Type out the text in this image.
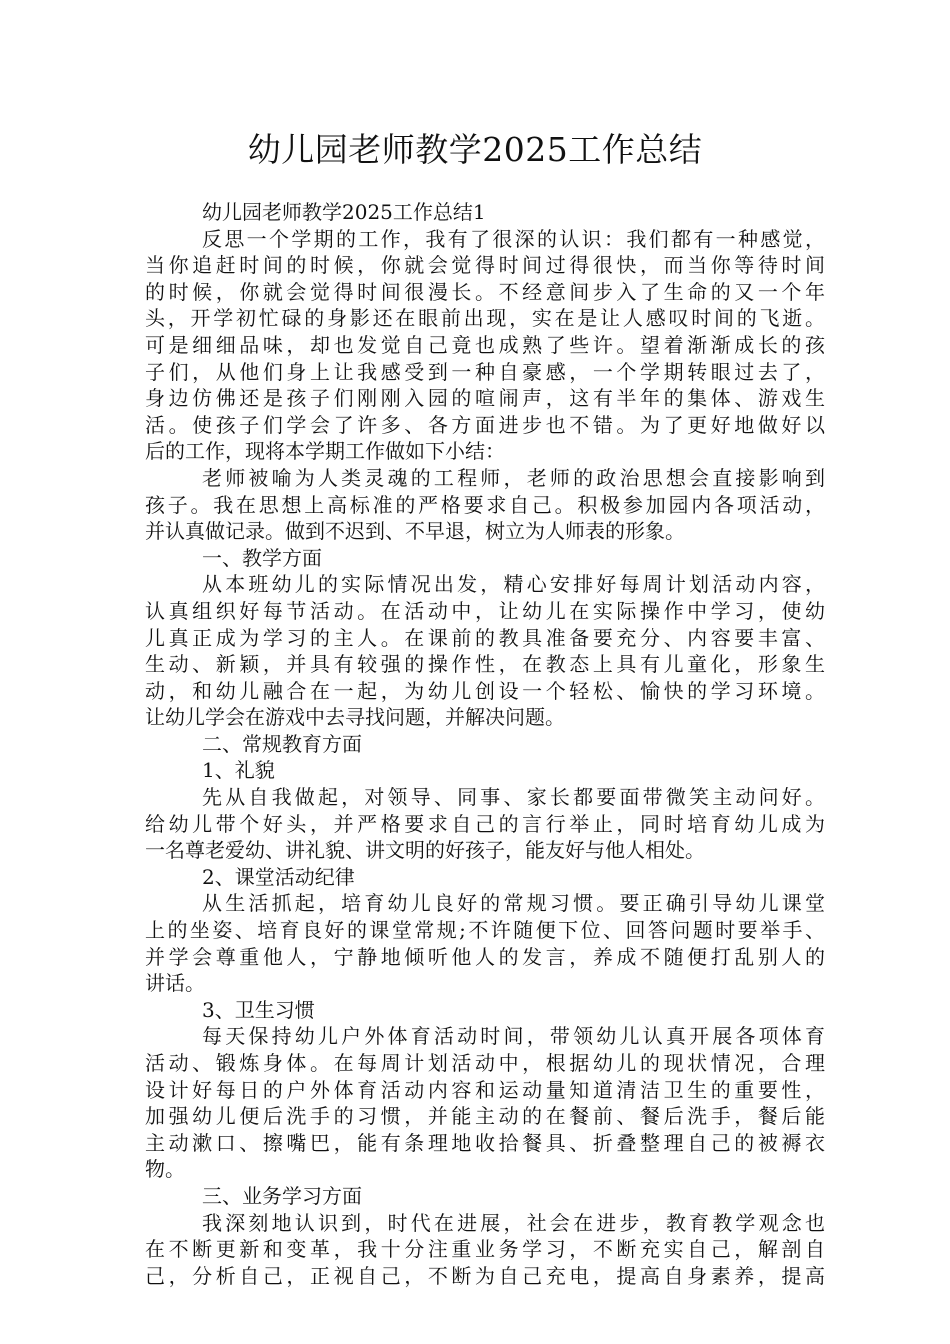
幼儿园老师教学2025工作总结
幼儿园老师教学2025工作总结1
反思一个学期的工作，我有了很深的认识：我们都有一种感觉，
当你追赶时间的时候，你就会觉得时间过得很快，而当你等待时间
的时候，你就会觉得时间很漫长。不经意间步入了生命的又一个年
头，开学初忙碌的身影还在眼前出现，实在是让人感叹时间的飞逝。
可是细细品味，却也发觉自己竟也成熟了些许。望着渐渐成长的孩
子们，从他们身上让我感受到一种自豪感，一个学期转眼过去了，
身边仿佛还是孩子们刚刚入园的喧闹声，这有半年的集体、游戏生
活。使孩子们学会了许多、各方面进步也不错。为了更好地做好以
后的工作，现将本学期工作做如下小结：
老师被喻为人类灵魂的工程师，老师的政治思想会直接影响到
孩子。我在思想上高标准的严格要求自己。积极参加园内各项活动，
并认真做记录。做到不迟到、不早退，树立为人师表的形象。
一、教学方面
从本班幼儿的实际情况出发，精心安排好每周计划活动内容，
认真组织好每节活动。在活动中，让幼儿在实际操作中学习，使幼
儿真正成为学习的主人。在课前的教具准备要充分、内容要丰富、
生动、新颖，并具有较强的操作性，在教态上具有儿童化，形象生
动，和幼儿融合在一起，为幼儿创设一个轻松、愉快的学习环境。
让幼儿学会在游戏中去寻找问题，并解决问题。
二、常规教育方面
1、礼貌
先从自我做起，对领导、同事、家长都要面带微笑主动问好。
给幼儿带个好头，并严格要求自己的言行举止，同时培育幼儿成为
一名尊老爱幼、讲礼貌、讲文明的好孩子，能友好与他人相处。
2、课堂活动纪律
从生活抓起，培育幼儿良好的常规习惯。要正确引导幼儿课堂
上的坐姿、培育良好的课堂常规;不许随便下位、回答问题时要举手、
并学会尊重他人，宁静地倾听他人的发言，养成不随便打乱别人的
讲话。
3、卫生习惯
每天保持幼儿户外体育活动时间，带领幼儿认真开展各项体育
活动、锻炼身体。在每周计划活动中，根据幼儿的现状情况，合理
设计好每日的户外体育活动内容和运动量知道清洁卫生的重要性，
加强幼儿便后洗手的习惯，并能主动的在餐前、餐后洗手，餐后能
主动漱口、擦嘴巴，能有条理地收拾餐具、折叠整理自己的被褥衣
物。
三、业务学习方面
我深刻地认识到，时代在进展，社会在进步，教育教学观念也
在不断更新和变革，我十分注重业务学习，不断充实自己，解剖自
己，分析自己，正视自己，不断为自己充电，提高自身素养，提高
